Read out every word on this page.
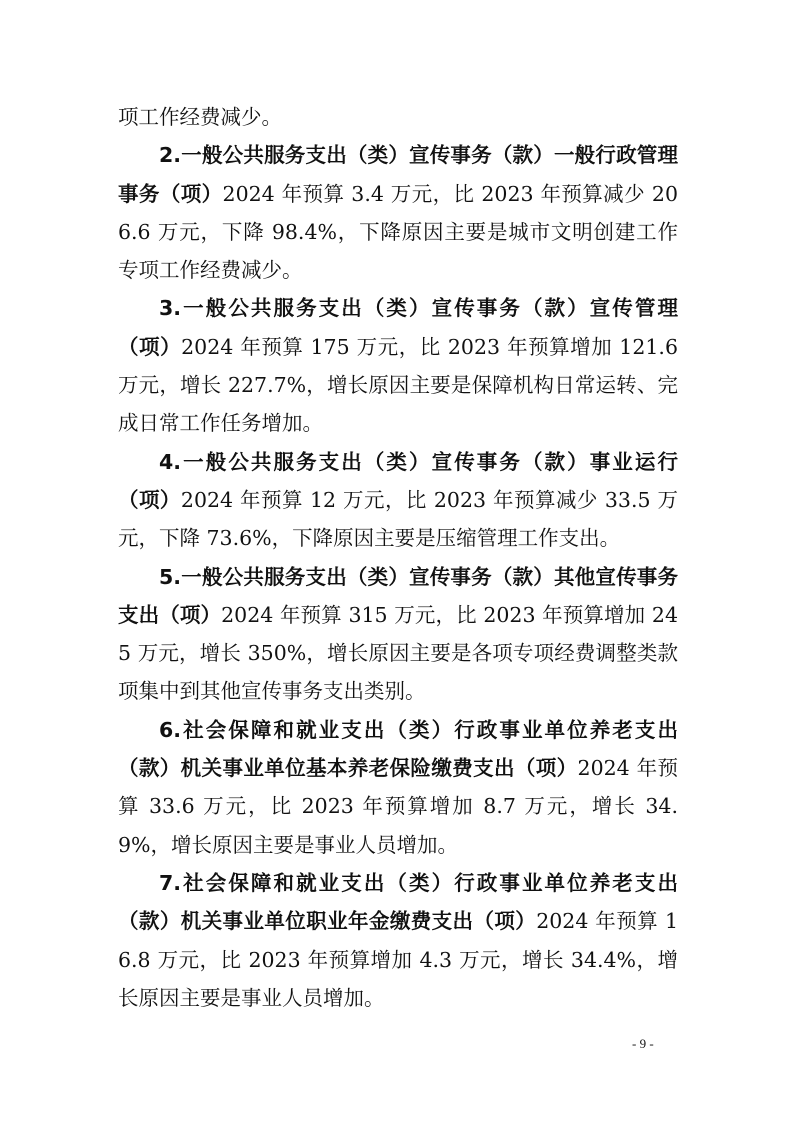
项工作经费减少。

2.一般公共服务支出（类）宣传事务（款）一般行政管理事务（项）2024 年预算 3.4 万元，比 2023 年预算减少 206.6 万元，下降 98.4%，下降原因主要是城市文明创建工作专项工作经费减少。

3.一般公共服务支出（类）宣传事务（款）宣传管理（项）2024 年预算 175 万元，比 2023 年预算增加 121.6 万元，增长 227.7%，增长原因主要是保障机构日常运转、完成日常工作任务增加。

4.一般公共服务支出（类）宣传事务（款）事业运行（项）2024 年预算 12 万元，比 2023 年预算减少 33.5 万元，下降 73.6%，下降原因主要是压缩管理工作支出。

5.一般公共服务支出（类）宣传事务（款）其他宣传事务支出（项）2024 年预算 315 万元，比 2023 年预算增加 245 万元，增长 350%，增长原因主要是各项专项经费调整类款项集中到其他宣传事务支出类别。

6.社会保障和就业支出（类）行政事业单位养老支出（款）机关事业单位基本养老保险缴费支出（项）2024 年预算 33.6 万元，比 2023 年预算增加 8.7 万元，增长 34.9%，增长原因主要是事业人员增加。

7.社会保障和就业支出（类）行政事业单位养老支出（款）机关事业单位职业年金缴费支出（项）2024 年预算 16.8 万元，比 2023 年预算增加 4.3 万元，增长 34.4%，增长原因主要是事业人员增加。

- 9 -
